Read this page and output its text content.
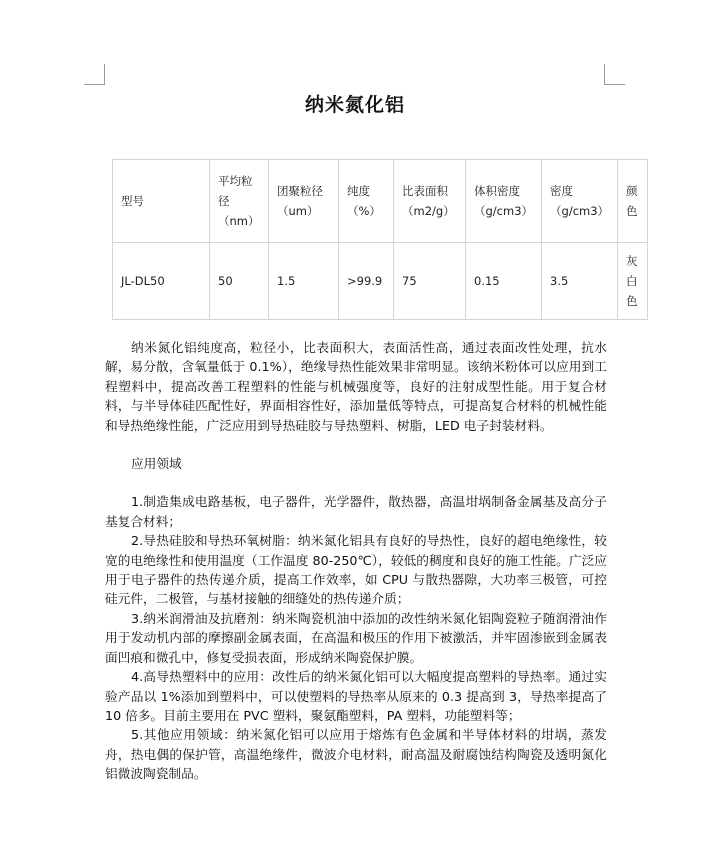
纳米氮化铝
型号	平均粒径（nm）	团聚粒径（um）	纯度（%）	比表面积（m2/g）	体积密度（g/cm3）	密度（g/cm3）	颜色
JL-DL50	50	1.5	>99.9	75	0.15	3.5	灰白色

纳米氮化铝纯度高，粒径小，比表面积大，表面活性高，通过表面改性处理，抗水解，易分散，含氧量低于 0.1%），绝缘导热性能效果非常明显。该纳米粉体可以应用到工程塑料中，提高改善工程塑料的性能与机械强度等，良好的注射成型性能。用于复合材料，与半导体硅匹配性好，界面相容性好，添加量低等特点，可提高复合材料的机械性能和导热绝缘性能，广泛应用到导热硅胶与导热塑料、树脂，LED 电子封装材料。

应用领域

1.制造集成电路基板，电子器件，光学器件，散热器，高温坩埚制备金属基及高分子基复合材料；

2.导热硅胶和导热环氧树脂：纳米氮化铝具有良好的导热性，良好的超电绝缘性，较宽的电绝缘性和使用温度（工作温度 80-250℃），较低的稠度和良好的施工性能。广泛应用于电子器件的热传递介质，提高工作效率，如 CPU 与散热器隙，大功率三极管，可控硅元件，二极管，与基材接触的细缝处的热传递介质；

3.纳米润滑油及抗磨剂：纳米陶瓷机油中添加的改性纳米氮化铝陶瓷粒子随润滑油作用于发动机内部的摩擦副金属表面，在高温和极压的作用下被激活，并牢固渗嵌到金属表面凹痕和微孔中，修复受损表面，形成纳米陶瓷保护膜。

4.高导热塑料中的应用：改性后的纳米氮化铝可以大幅度提高塑料的导热率。通过实验产品以 1%添加到塑料中，可以使塑料的导热率从原来的 0.3 提高到 3，导热率提高了 10 倍多。目前主要用在 PVC 塑料，聚氨酯塑料，PA 塑料，功能塑料等；

5.其他应用领域：纳米氮化铝可以应用于熔炼有色金属和半导体材料的坩埚，蒸发舟，热电偶的保护管，高温绝缘件，微波介电材料，耐高温及耐腐蚀结构陶瓷及透明氮化铝微波陶瓷制品。
